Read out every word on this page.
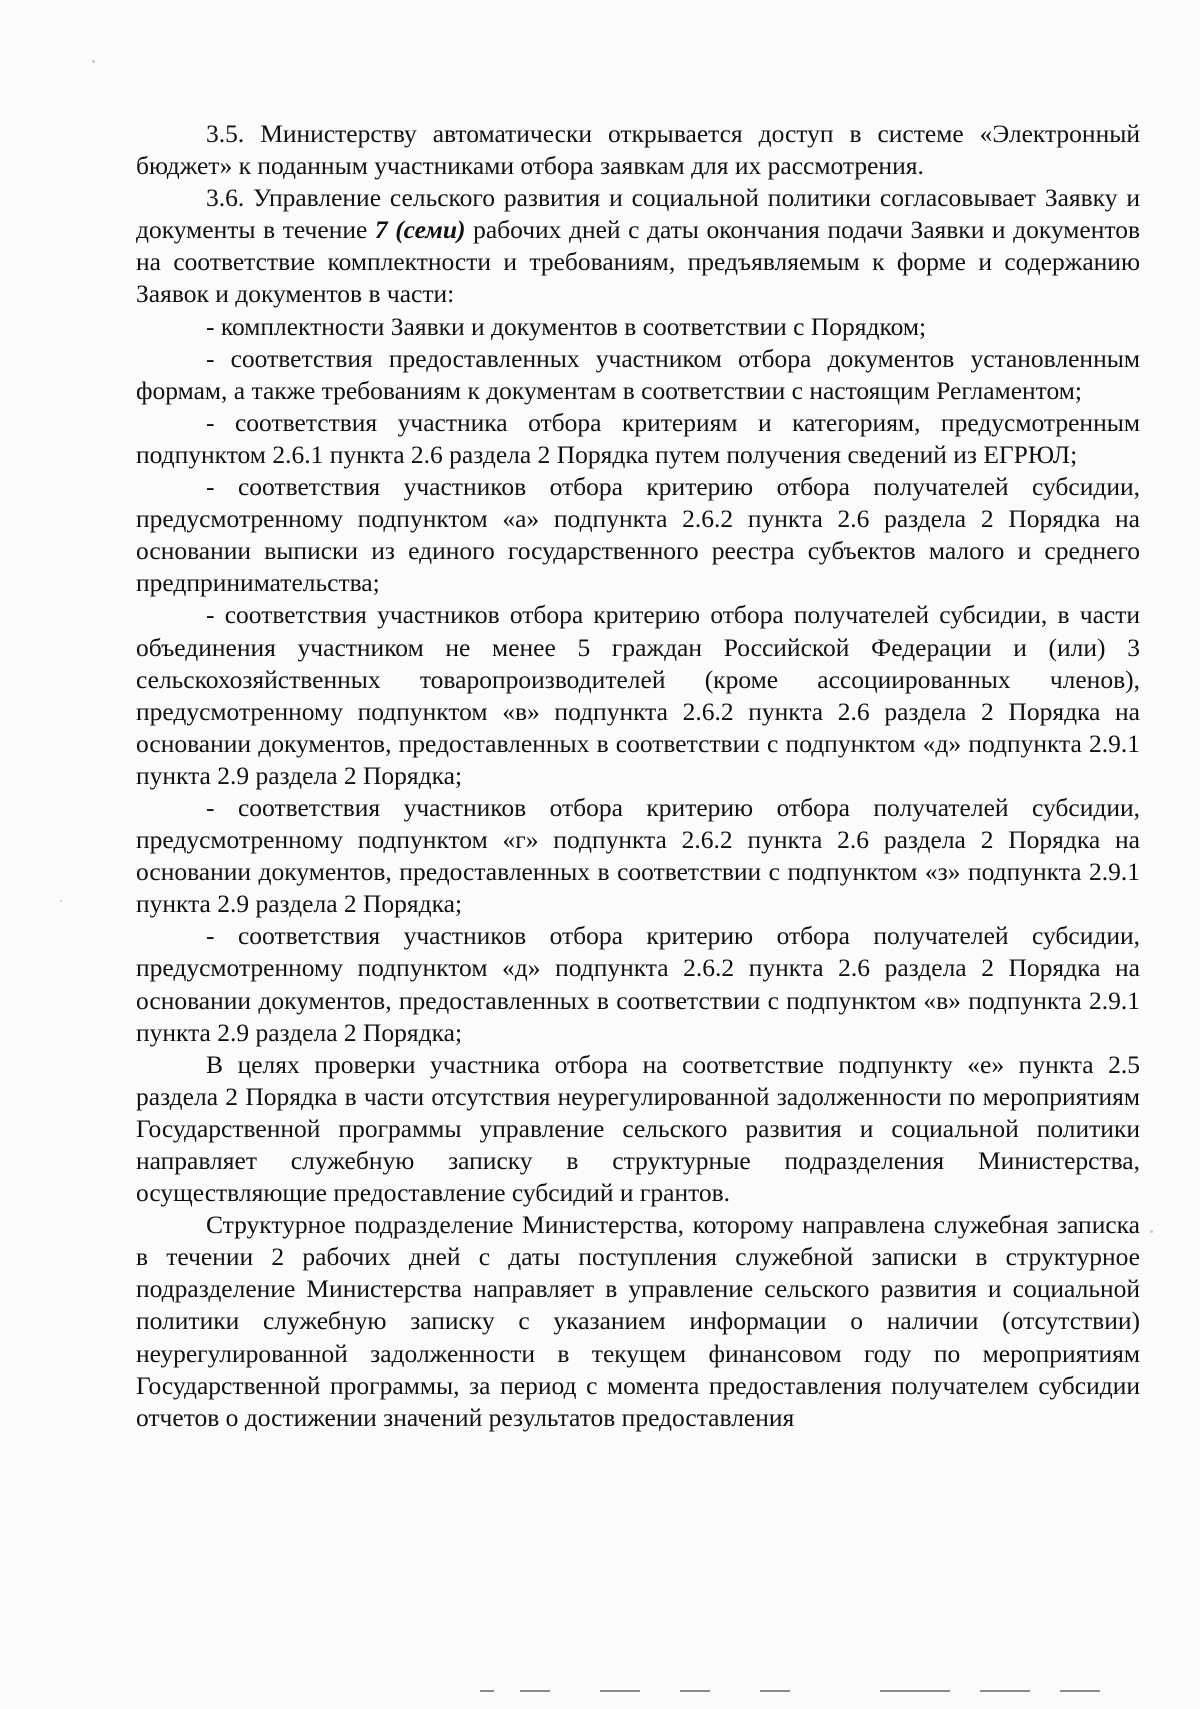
3.5. Министерству автоматически открывается доступ в системе «Электронный бюджет» к поданным участниками отбора заявкам для их рассмотрения.

3.6. Управление сельского развития и социальной политики согласовывает Заявку и документы в течение 7 (семи) рабочих дней с даты окончания подачи Заявки и документов на соответствие комплектности и требованиям, предъявляемым к форме и содержанию Заявок и документов в части:

- комплектности Заявки и документов в соответствии с Порядком;

- соответствия предоставленных участником отбора документов установленным формам, а также требованиям к документам в соответствии с настоящим Регламентом;

- соответствия участника отбора критериям и категориям, предусмотренным подпунктом 2.6.1 пункта 2.6 раздела 2 Порядка путем получения сведений из ЕГРЮЛ;

- соответствия участников отбора критерию отбора получателей субсидии, предусмотренному подпунктом «а» подпункта 2.6.2 пункта 2.6 раздела 2 Порядка на основании выписки из единого государственного реестра субъектов малого и среднего предпринимательства;

- соответствия участников отбора критерию отбора получателей субсидии, в части объединения участником не менее 5 граждан Российской Федерации и (или) 3 сельскохозяйственных товаропроизводителей (кроме ассоциированных членов), предусмотренному подпунктом «в» подпункта 2.6.2 пункта 2.6 раздела 2 Порядка на основании документов, предоставленных в соответствии с подпунктом «д» подпункта 2.9.1 пункта 2.9 раздела 2 Порядка;

- соответствия участников отбора критерию отбора получателей субсидии, предусмотренному подпунктом «г» подпункта 2.6.2 пункта 2.6 раздела 2 Порядка на основании документов, предоставленных в соответствии с подпунктом «з» подпункта 2.9.1 пункта 2.9 раздела 2 Порядка;

- соответствия участников отбора критерию отбора получателей субсидии, предусмотренному подпунктом «д» подпункта 2.6.2 пункта 2.6 раздела 2 Порядка на основании документов, предоставленных в соответствии с подпунктом «в» подпункта 2.9.1 пункта 2.9 раздела 2 Порядка;

В целях проверки участника отбора на соответствие подпункту «е» пункта 2.5 раздела 2 Порядка в части отсутствия неурегулированной задолженности по мероприятиям Государственной программы управление сельского развития и социальной политики направляет служебную записку в структурные подразделения Министерства, осуществляющие предоставление субсидий и грантов.

Структурное подразделение Министерства, которому направлена служебная записка в течении 2 рабочих дней с даты поступления служебной записки в структурное подразделение Министерства направляет в управление сельского развития и социальной политики служебную записку с указанием информации о наличии (отсутствии) неурегулированной задолженности в текущем финансовом году по мероприятиям Государственной программы, за период с момента предоставления получателем субсидии отчетов о достижении значений результатов предоставления
